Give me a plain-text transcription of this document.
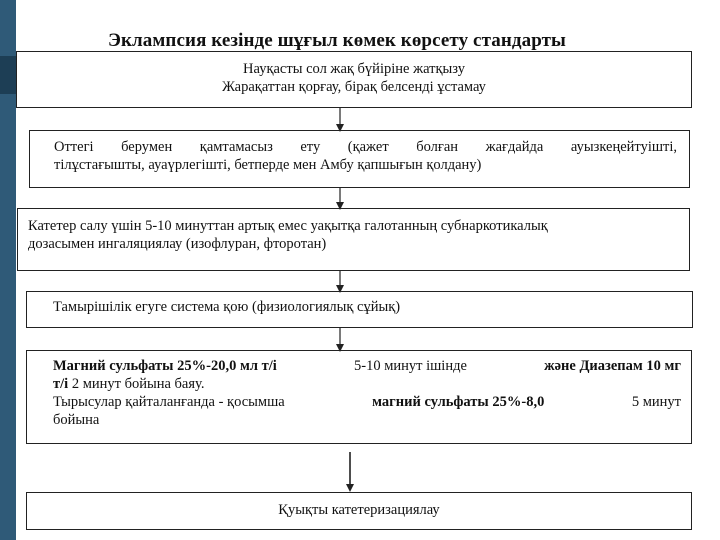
Эклампсия кезінде шұғыл көмек көрсету стандарты
Науқасты сол жақ бүйіріне жатқызу
Жарақаттан қорғау, бірақ белсенді ұстамау
Оттегі берумен қамтамасыз ету (қажет болған жағдайда ауызкеңейтуішті,
тілұстағышты, ауаүрлегішті, бетперде мен Амбу қапшығын қолдану)
Катетер салу үшін 5-10 минуттан артық емес уақытқа галотанның субнаркотикалық
дозасымен ингаляциялау (изофлуран, фторотан)
Тамырішілік егуге система қою (физиологиялық сұйық)
Магний сульфаты 25%-20,0 мл т/і	5-10 минут ішінде	және Диазепам 10 мг
т/і 2 минут бойына баяу.
Тырысулар қайталанғанда - қосымша	магний сульфаты 25%-8,0	5 минут
бойына
Қуықты катетеризациялау
